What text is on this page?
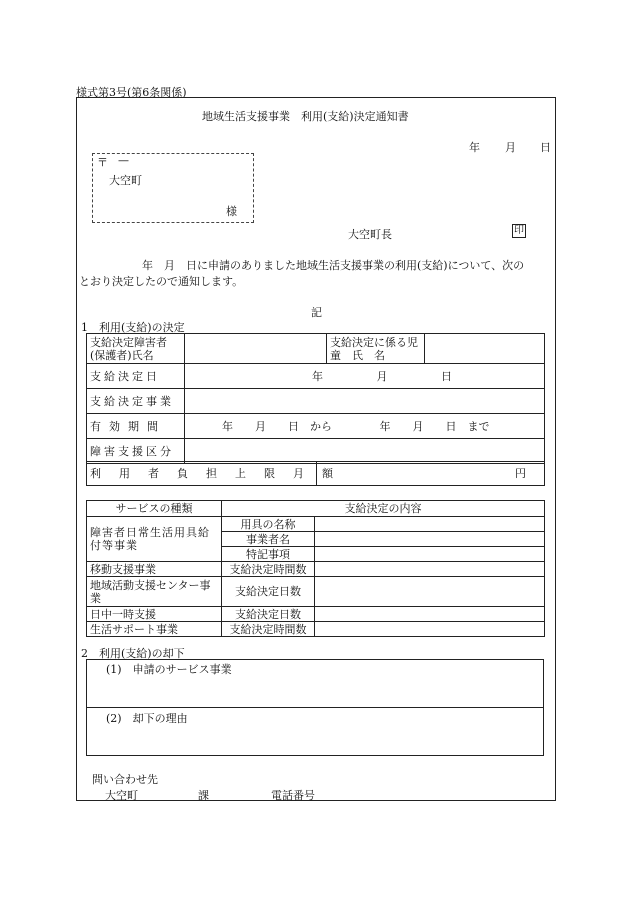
様式第3号(第6条関係)
地域生活支援事業　利用(支給)決定通知書
年 月 日
〒 —
大空町
様
大空町長	印
年　月　日に申請のありました地域生活支援事業の利用(支給)について、次の
とおり決定したので通知します。
記
1　利用(支給)の決定
支給決定障害者(保護者)氏名		支給決定に係る児　童　氏　名	
支給決定日	年 月 日		
支給決定事業			
有効期間	年　　月　　日　から 年　　月　　日　まで		
障害支援区分			
利用者負担上限月額	円
サービスの種類	支給決定の内容	
障害者日常生活用具給付等事業	用具の名称	
	事業者名	
	特記事項	
移動支援事業	支給決定時間数	
地域活動支援センター事業	支給決定日数	
日中一時支援	支給決定日数	
生活サポート事業	支給決定時間数	
2　利用(支給)の却下
(1)　申請のサービス事業
(2)　却下の理由
問い合わせ先
大空町	課	電話番号
